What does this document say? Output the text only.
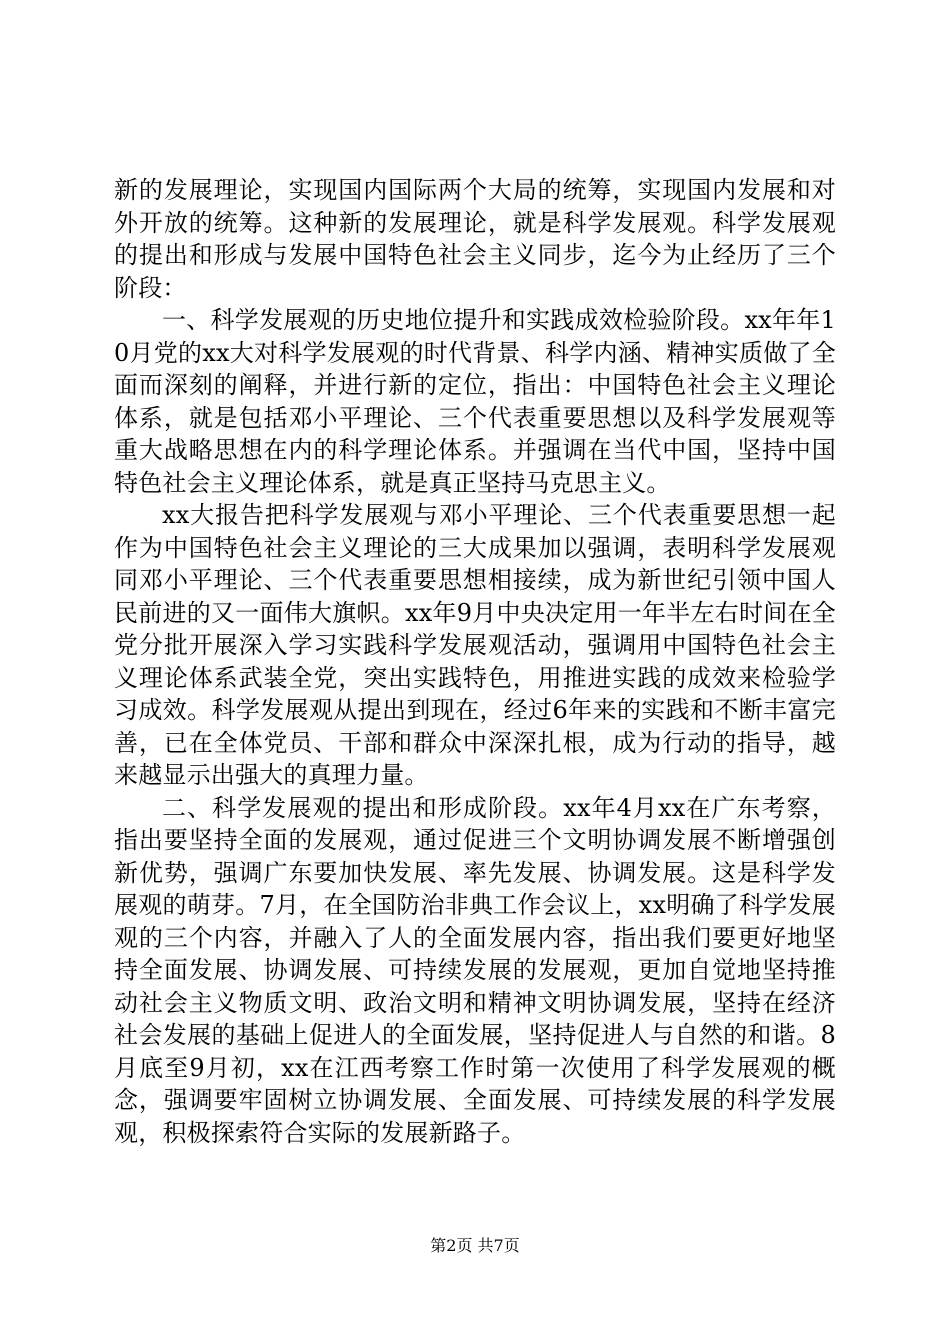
新的发展理论，实现国内国际两个大局的统筹，实现国内发展和对外开放的统筹。这种新的发展理论，就是科学发展观。科学发展观的提出和形成与发展中国特色社会主义同步，迄今为止经历了三个阶段：

一、科学发展观的历史地位提升和实践成效检验阶段。xx年年10月党的xx大对科学发展观的时代背景、科学内涵、精神实质做了全面而深刻的阐释，并进行新的定位，指出：中国特色社会主义理论体系，就是包括邓小平理论、三个代表重要思想以及科学发展观等重大战略思想在内的科学理论体系。并强调在当代中国，坚持中国特色社会主义理论体系，就是真正坚持马克思主义。

xx大报告把科学发展观与邓小平理论、三个代表重要思想一起作为中国特色社会主义理论的三大成果加以强调，表明科学发展观同邓小平理论、三个代表重要思想相接续，成为新世纪引领中国人民前进的又一面伟大旗帜。xx年9月中央决定用一年半左右时间在全党分批开展深入学习实践科学发展观活动，强调用中国特色社会主义理论体系武装全党，突出实践特色，用推进实践的成效来检验学习成效。科学发展观从提出到现在，经过6年来的实践和不断丰富完善，已在全体党员、干部和群众中深深扎根，成为行动的指导，越来越显示出强大的真理力量。

二、科学发展观的提出和形成阶段。xx年4月xx在广东考察，指出要坚持全面的发展观，通过促进三个文明协调发展不断增强创新优势，强调广东要加快发展、率先发展、协调发展。这是科学发展观的萌芽。7月，在全国防治非典工作会议上，xx明确了科学发展观的三个内容，并融入了人的全面发展内容，指出我们要更好地坚持全面发展、协调发展、可持续发展的发展观，更加自觉地坚持推动社会主义物质文明、政治文明和精神文明协调发展，坚持在经济社会发展的基础上促进人的全面发展，坚持促进人与自然的和谐。8月底至9月初，xx在江西考察工作时第一次使用了科学发展观的概念，强调要牢固树立协调发展、全面发展、可持续发展的科学发展观，积极探索符合实际的发展新路子。

第2页 共7页
